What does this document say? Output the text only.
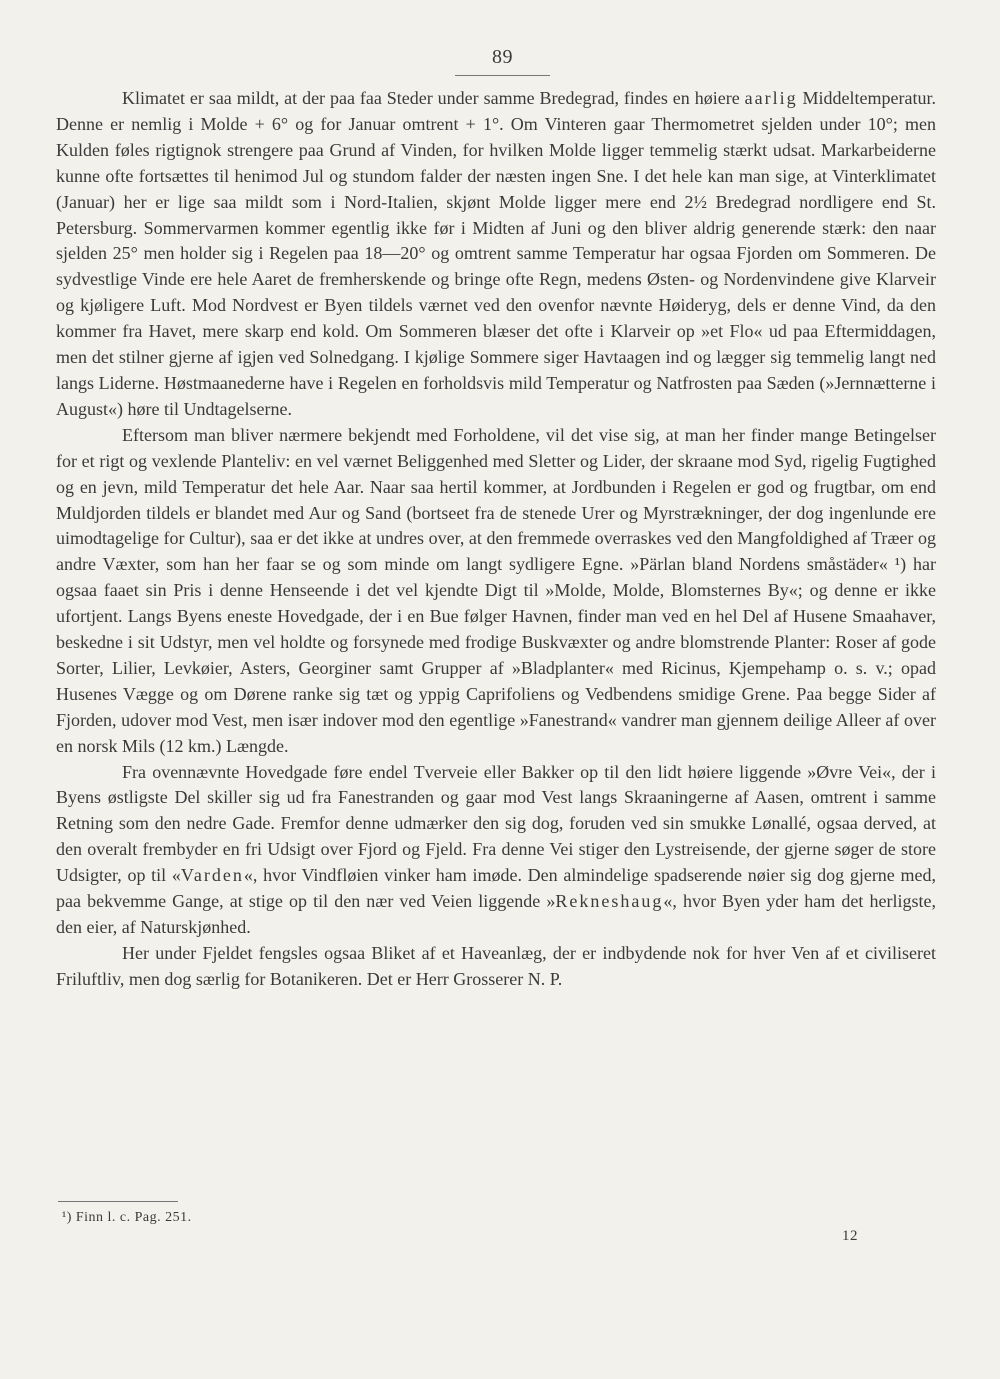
89

Klimatet er saa mildt, at der paa faa Steder under samme Bredegrad, findes en høiere aarlig Middeltemperatur. Denne er nemlig i Molde + 6° og for Januar omtrent + 1°. Om Vinteren gaar Thermometret sjelden under 10°; men Kulden føles rigtignok strengere paa Grund af Vinden, for hvilken Molde ligger temmelig stærkt udsat. Markarbeiderne kunne ofte fortsættes til henimod Jul og stundom falder der næsten ingen Sne. I det hele kan man sige, at Vinterklimatet (Januar) her er lige saa mildt som i Nord-Italien, skjønt Molde ligger mere end 2½ Bredegrad nordligere end St. Petersburg. Sommervarmen kommer egentlig ikke før i Midten af Juni og den bliver aldrig generende stærk: den naar sjelden 25° men holder sig i Regelen paa 18—20° og omtrent samme Temperatur har ogsaa Fjorden om Sommeren. De sydvestlige Vinde ere hele Aaret de fremherskende og bringe ofte Regn, medens Østen- og Nordenvindene give Klarveir og kjøligere Luft. Mod Nordvest er Byen tildels værnet ved den ovenfor nævnte Høideryg, dels er denne Vind, da den kommer fra Havet, mere skarp end kold. Om Sommeren blæser det ofte i Klarveir op »et Flo« ud paa Eftermiddagen, men det stilner gjerne af igjen ved Solnedgang. I kjølige Sommere siger Havtaagen ind og lægger sig temmelig langt ned langs Liderne. Høstmaanederne have i Regelen en forholdsvis mild Temperatur og Natfrosten paa Sæden (»Jernnætterne i August«) høre til Undtagelserne.

Eftersom man bliver nærmere bekjendt med Forholdene, vil det vise sig, at man her finder mange Betingelser for et rigt og vexlende Planteliv: en vel værnet Beliggenhed med Sletter og Lider, der skraane mod Syd, rigelig Fugtighed og en jevn, mild Temperatur det hele Aar. Naar saa hertil kommer, at Jordbunden i Regelen er god og frugtbar, om end Muldjorden tildels er blandet med Aur og Sand (bortseet fra de stenede Urer og Myrstrækninger, der dog ingenlunde ere uimodtagelige for Cultur), saa er det ikke at undres over, at den fremmede overraskes ved den Mangfoldighed af Træer og andre Væxter, som han her faar se og som minde om langt sydligere Egne. »Pärlan bland Nordens småstäder« ¹) har ogsaa faaet sin Pris i denne Henseende i det vel kjendte Digt til »Molde, Molde, Blomsternes By«; og denne er ikke ufortjent. Langs Byens eneste Hovedgade, der i en Bue følger Havnen, finder man ved en hel Del af Husene Smaahaver, beskedne i sit Udstyr, men vel holdte og forsynede med frodige Buskvæxter og andre blomstrende Planter: Roser af gode Sorter, Lilier, Levkøier, Asters, Georginer samt Grupper af »Bladplanter« med Ricinus, Kjempehamp o. s. v.; opad Husenes Vægge og om Dørene ranke sig tæt og yppig Caprifoliens og Vedbendens smidige Grene. Paa begge Sider af Fjorden, udover mod Vest, men især indover mod den egentlige »Fanestrand« vandrer man gjennem deilige Alleer af over en norsk Mils (12 km.) Længde.

Fra ovennævnte Hovedgade føre endel Tverveie eller Bakker op til den lidt høiere liggende »Øvre Vei«, der i Byens østligste Del skiller sig ud fra Fanestranden og gaar mod Vest langs Skraaningerne af Aasen, omtrent i samme Retning som den nedre Gade. Fremfor denne udmærker den sig dog, foruden ved sin smukke Lønallé, ogsaa derved, at den overalt frembyder en fri Udsigt over Fjord og Fjeld. Fra denne Vei stiger den Lystreisende, der gjerne søger de store Udsigter, op til «Varden«, hvor Vindfløien vinker ham imøde. Den almindelige spadserende nøier sig dog gjerne med, paa bekvemme Gange, at stige op til den nær ved Veien liggende »Rekneshaug«, hvor Byen yder ham det herligste, den eier, af Naturskjønhed.

Her under Fjeldet fengsles ogsaa Bliket af et Haveanlæg, der er indbydende nok for hver Ven af et civiliseret Friluftliv, men dog særlig for Botanikeren. Det er Herr Grosserer N. P.

¹) Finn l. c. Pag. 251.
12
